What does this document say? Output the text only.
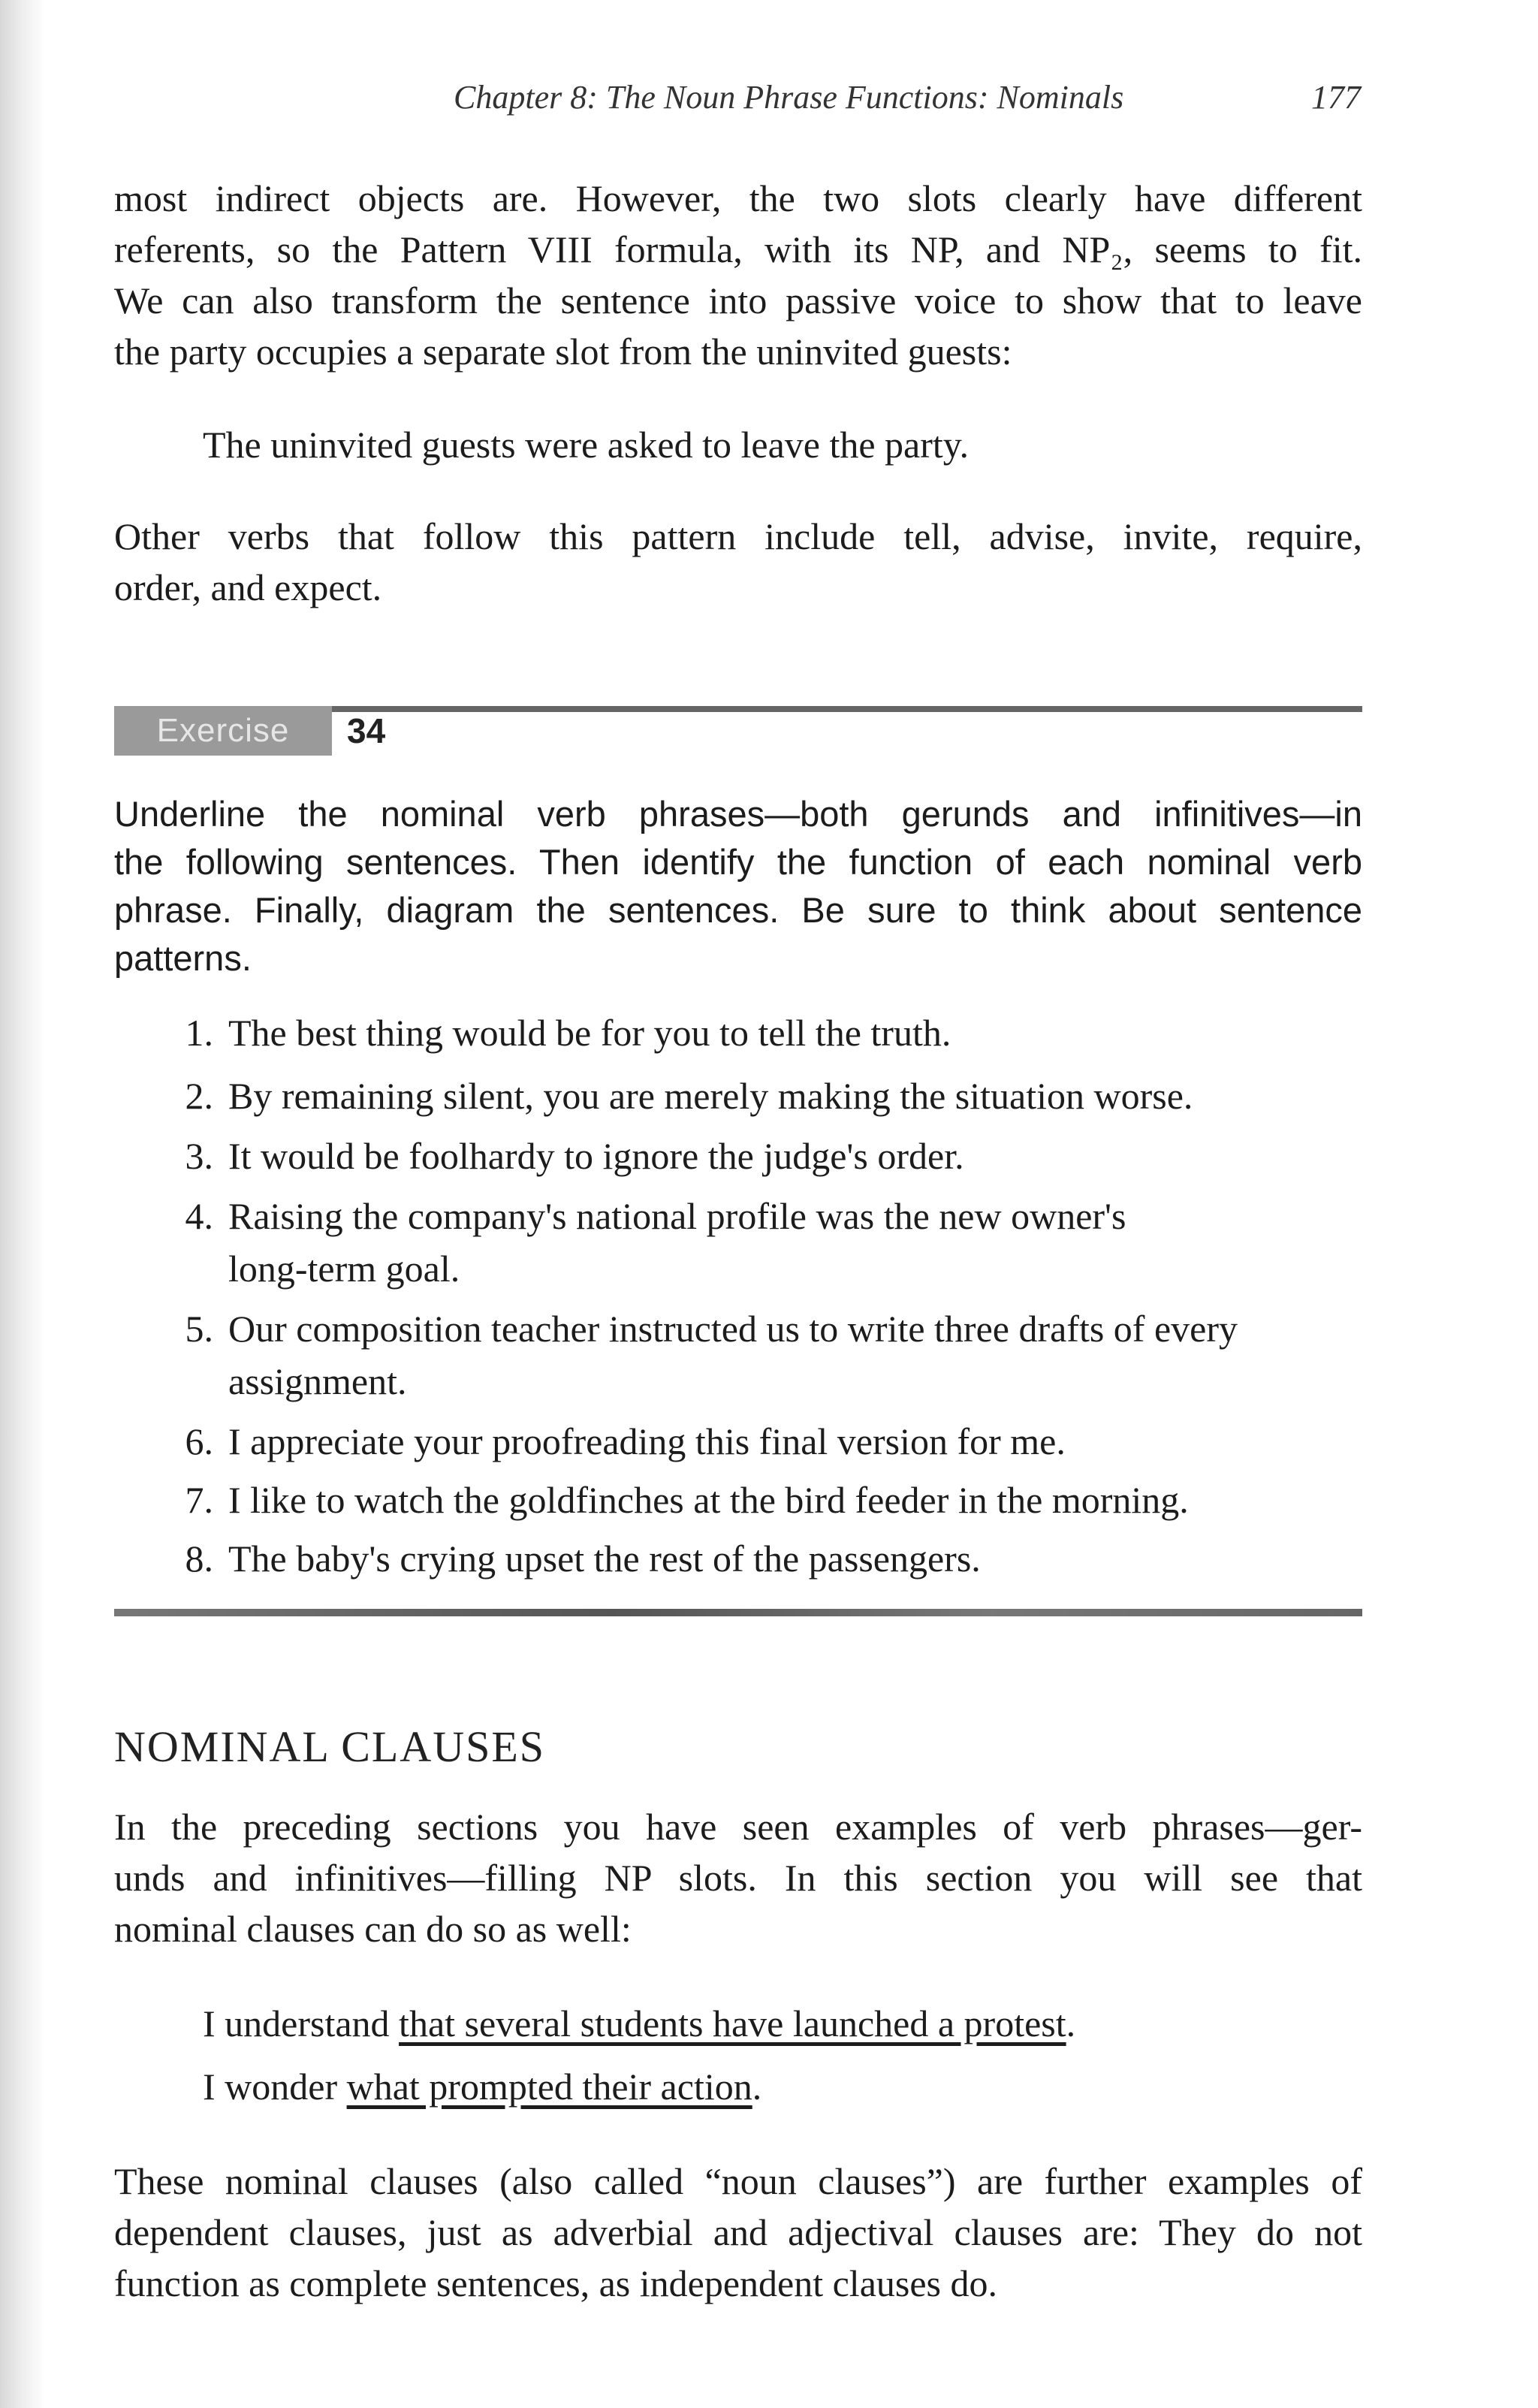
Chapter 8: The Noun Phrase Functions: Nominals	177
most indirect objects are. However, the two slots clearly have different
referents, so the Pattern VIII formula, with its NP, and NP₂, seems to fit.
We can also transform the sentence into passive voice to show that to leave
the party occupies a separate slot from the uninvited guests:
The uninvited guests were asked to leave the party.
Other verbs that follow this pattern include tell, advise, invite, require,
order, and expect.
Exercise	34
Underline the nominal verb phrases—both gerunds and infinitives—in
the following sentences. Then identify the function of each nominal verb
phrase. Finally, diagram the sentences. Be sure to think about sentence
patterns.
1. The best thing would be for you to tell the truth.
2. By remaining silent, you are merely making the situation worse.
3. It would be foolhardy to ignore the judge's order.
4. Raising the company's national profile was the new owner's
long-term goal.
5. Our composition teacher instructed us to write three drafts of every
assignment.
6. I appreciate your proofreading this final version for me.
7. I like to watch the goldfinches at the bird feeder in the morning.
8. The baby's crying upset the rest of the passengers.
NOMINAL CLAUSES
In the preceding sections you have seen examples of verb phrases—ger-
unds and infinitives—filling NP slots. In this section you will see that
nominal clauses can do so as well:
I understand that several students have launched a protest.
I wonder what prompted their action.
These nominal clauses (also called “noun clauses”) are further examples of
dependent clauses, just as adverbial and adjectival clauses are: They do not
function as complete sentences, as independent clauses do.
